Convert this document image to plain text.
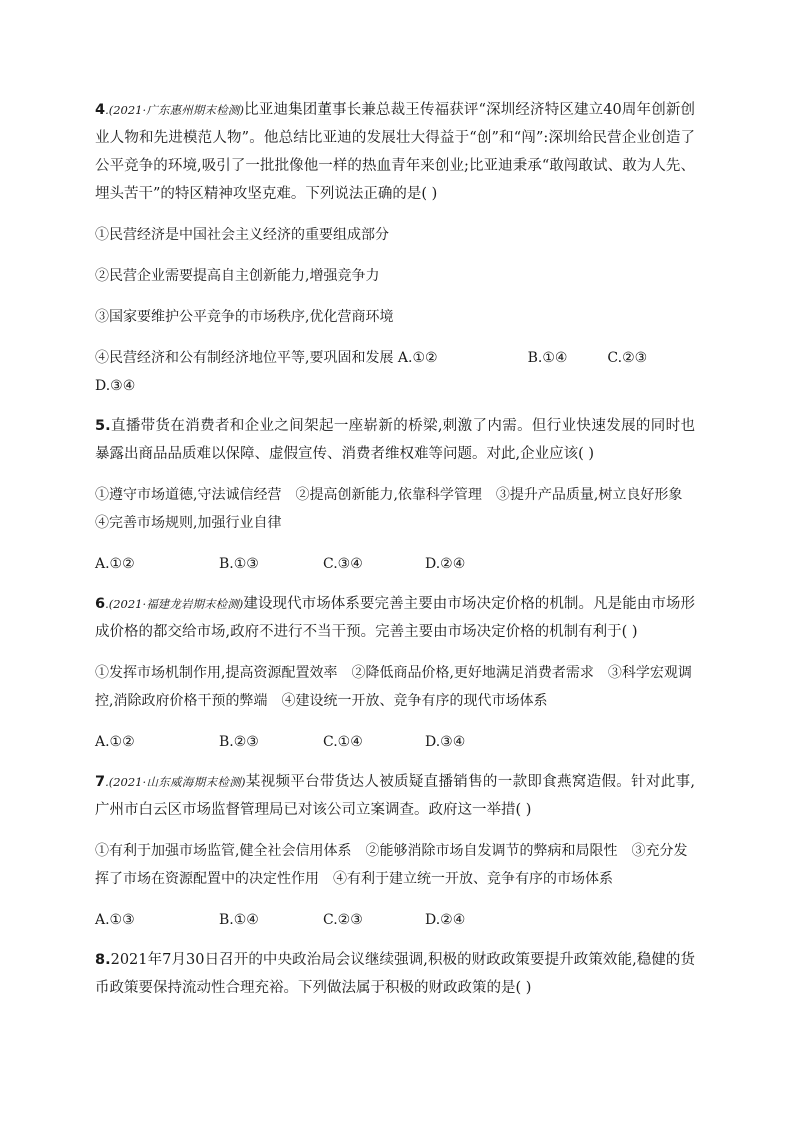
4.(2021·广东惠州期末检测)比亚迪集团董事长兼总裁王传福获评“深圳经济特区建立40周年创新创业人物和先进模范人物”。他总结比亚迪的发展壮大得益于“创”和“闯”:深圳给民营企业创造了公平竞争的环境,吸引了一批批像他一样的热血青年来创业;比亚迪秉承“敢闯敢试、敢为人先、埋头苦干”的特区精神攻坚克难。下列说法正确的是( )

①民营经济是中国社会主义经济的重要组成部分

②民营企业需要提高自主创新能力,增强竞争力

③国家要维护公平竞争的市场秩序,优化营商环境

④民营经济和公有制经济地位平等,要巩固和发展 A.①②	B.①④	C.②③D.③④

5.直播带货在消费者和企业之间架起一座崭新的桥梁,刺激了内需。但行业快速发展的同时也暴露出商品品质难以保障、虚假宣传、消费者维权难等问题。对此,企业应该( )

①遵守市场道德,守法诚信经营　②提高创新能力,依靠科学管理　③提升产品质量,树立良好形象　④完善市场规则,加强行业自律

A.①②	B.①③	C.③④	D.②④

6.(2021·福建龙岩期末检测)建设现代市场体系要完善主要由市场决定价格的机制。凡是能由市场形成价格的都交给市场,政府不进行不当干预。完善主要由市场决定价格的机制有利于( )

①发挥市场机制作用,提高资源配置效率　②降低商品价格,更好地满足消费者需求　③科学宏观调控,消除政府价格干预的弊端　④建设统一开放、竞争有序的现代市场体系

A.①②	B.②③	C.①④	D.③④

7.(2021·山东威海期末检测)某视频平台带货达人被质疑直播销售的一款即食燕窝造假。针对此事,广州市白云区市场监督管理局已对该公司立案调查。政府这一举措( )

①有利于加强市场监管,健全社会信用体系　②能够消除市场自发调节的弊病和局限性　③充分发挥了市场在资源配置中的决定性作用　④有利于建立统一开放、竞争有序的市场体系

A.①③	B.①④	C.②③	D.②④

8.2021年7月30日召开的中央政治局会议继续强调,积极的财政政策要提升政策效能,稳健的货币政策要保持流动性合理充裕。下列做法属于积极的财政政策的是( )
